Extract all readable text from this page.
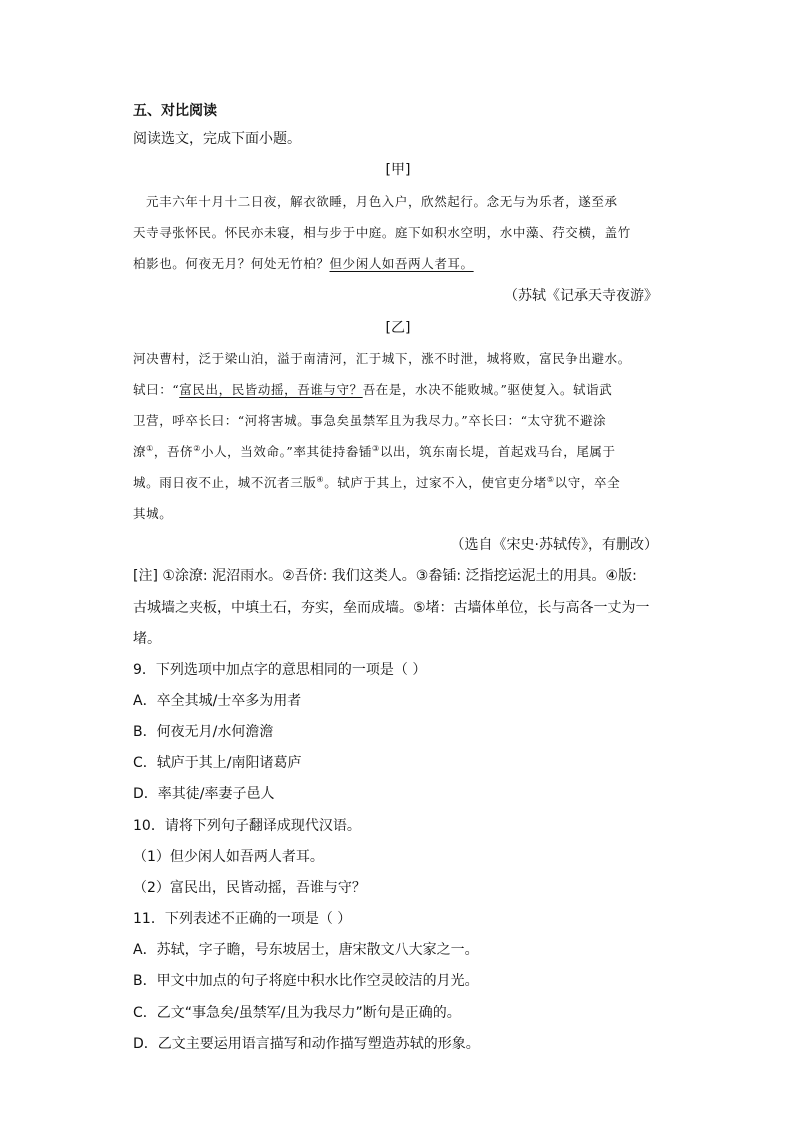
五、对比阅读
阅读选文，完成下面小题。
[甲]
元丰六年十月十二日夜，解衣欲睡，月色入户，欣然起行。念无与为乐者，遂至承
天寺寻张怀民。怀民亦未寝，相与步于中庭。庭下如积水空明，水中藻、荇交横，盖竹
柏影也。何夜无月？何处无竹柏？但少闲人如吾两人者耳。
（苏轼《记承天寺夜游》
[乙]
河决曹村，泛于梁山泊，溢于南清河，汇于城下，涨不时泄，城将败，富民争出避水。
轼曰：“富民出，民皆动摇，吾谁与守？吾在是，水决不能败城。”驱使复入。轼诣武
卫营，呼卒长曰：“河将害城。事急矣虽禁军且为我尽力。”卒长曰：“太守犹不避涂
潦①，吾侪②小人，当效命。”率其徒持畚锸③以出，筑东南长堤，首起戏马台，尾属于
城。雨日夜不止，城不沉者三版④。轼庐于其上，过家不入，使官吏分堵⑤以守，卒全
其城。
（选自《宋史·苏轼传》，有删改）
[注] ①涂潦: 泥沼雨水。②吾侪: 我们这类人。③畚锸: 泛指挖运泥土的用具。④版:
古城墙之夹板，中填土石，夯实，垒而成墙。⑤堵：古墙体单位，长与高各一丈为一
堵。
9．下列选项中加点字的意思相同的一项是（ ）
A．卒全其城/士卒多为用者
B．何夜无月/水何澹澹
C．轼庐于其上/南阳诸葛庐
D．率其徒/率妻子邑人
10．请将下列句子翻译成现代汉语。
（1）但少闲人如吾两人者耳。
（2）富民出，民皆动摇，吾谁与守？
11．下列表述不正确的一项是（ ）
A．苏轼，字子瞻，号东坡居士，唐宋散文八大家之一。
B．甲文中加点的句子将庭中积水比作空灵皎洁的月光。
C．乙文“事急矣/虽禁军/且为我尽力”断句是正确的。
D．乙文主要运用语言描写和动作描写塑造苏轼的形象。
